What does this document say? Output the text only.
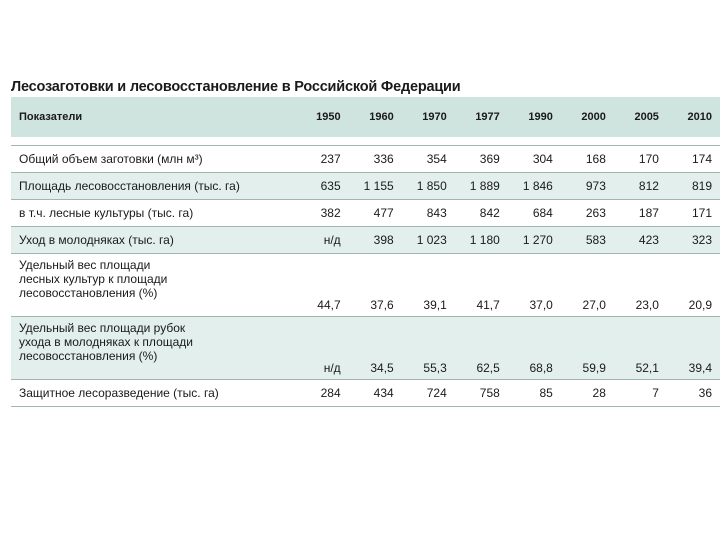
Лесозаготовки и лесовосстановление в Российской Федерации
Показатели	1950	1960	1970	1977	1990	2000	2005	2010

Общий объем заготовки (млн м³)	237	336	354	369	304	168	170	174

Площадь лесовосстановления (тыс. га)	635	1 155	1 850	1 889	1 846	973	812	819

в т.ч. лесные культуры (тыс. га)	382	477	843	842	684	263	187	171

Уход в молодняках (тыс. га)	н/д	398	1 023	1 180	1 270	583	423	323

Удельный вес площади
лесных культур к площади
лесовосстановления (%)	44,7	37,6	39,1	41,7	37,0	27,0	23,0	20,9

Удельный вес площади рубок
ухода в молодняках к площади
лесовосстановления (%)	н/д	34,5	55,3	62,5	68,8	59,9	52,1	39,4

Защитное лесоразведение (тыс. га)	284	434	724	758	85	28	7	36
